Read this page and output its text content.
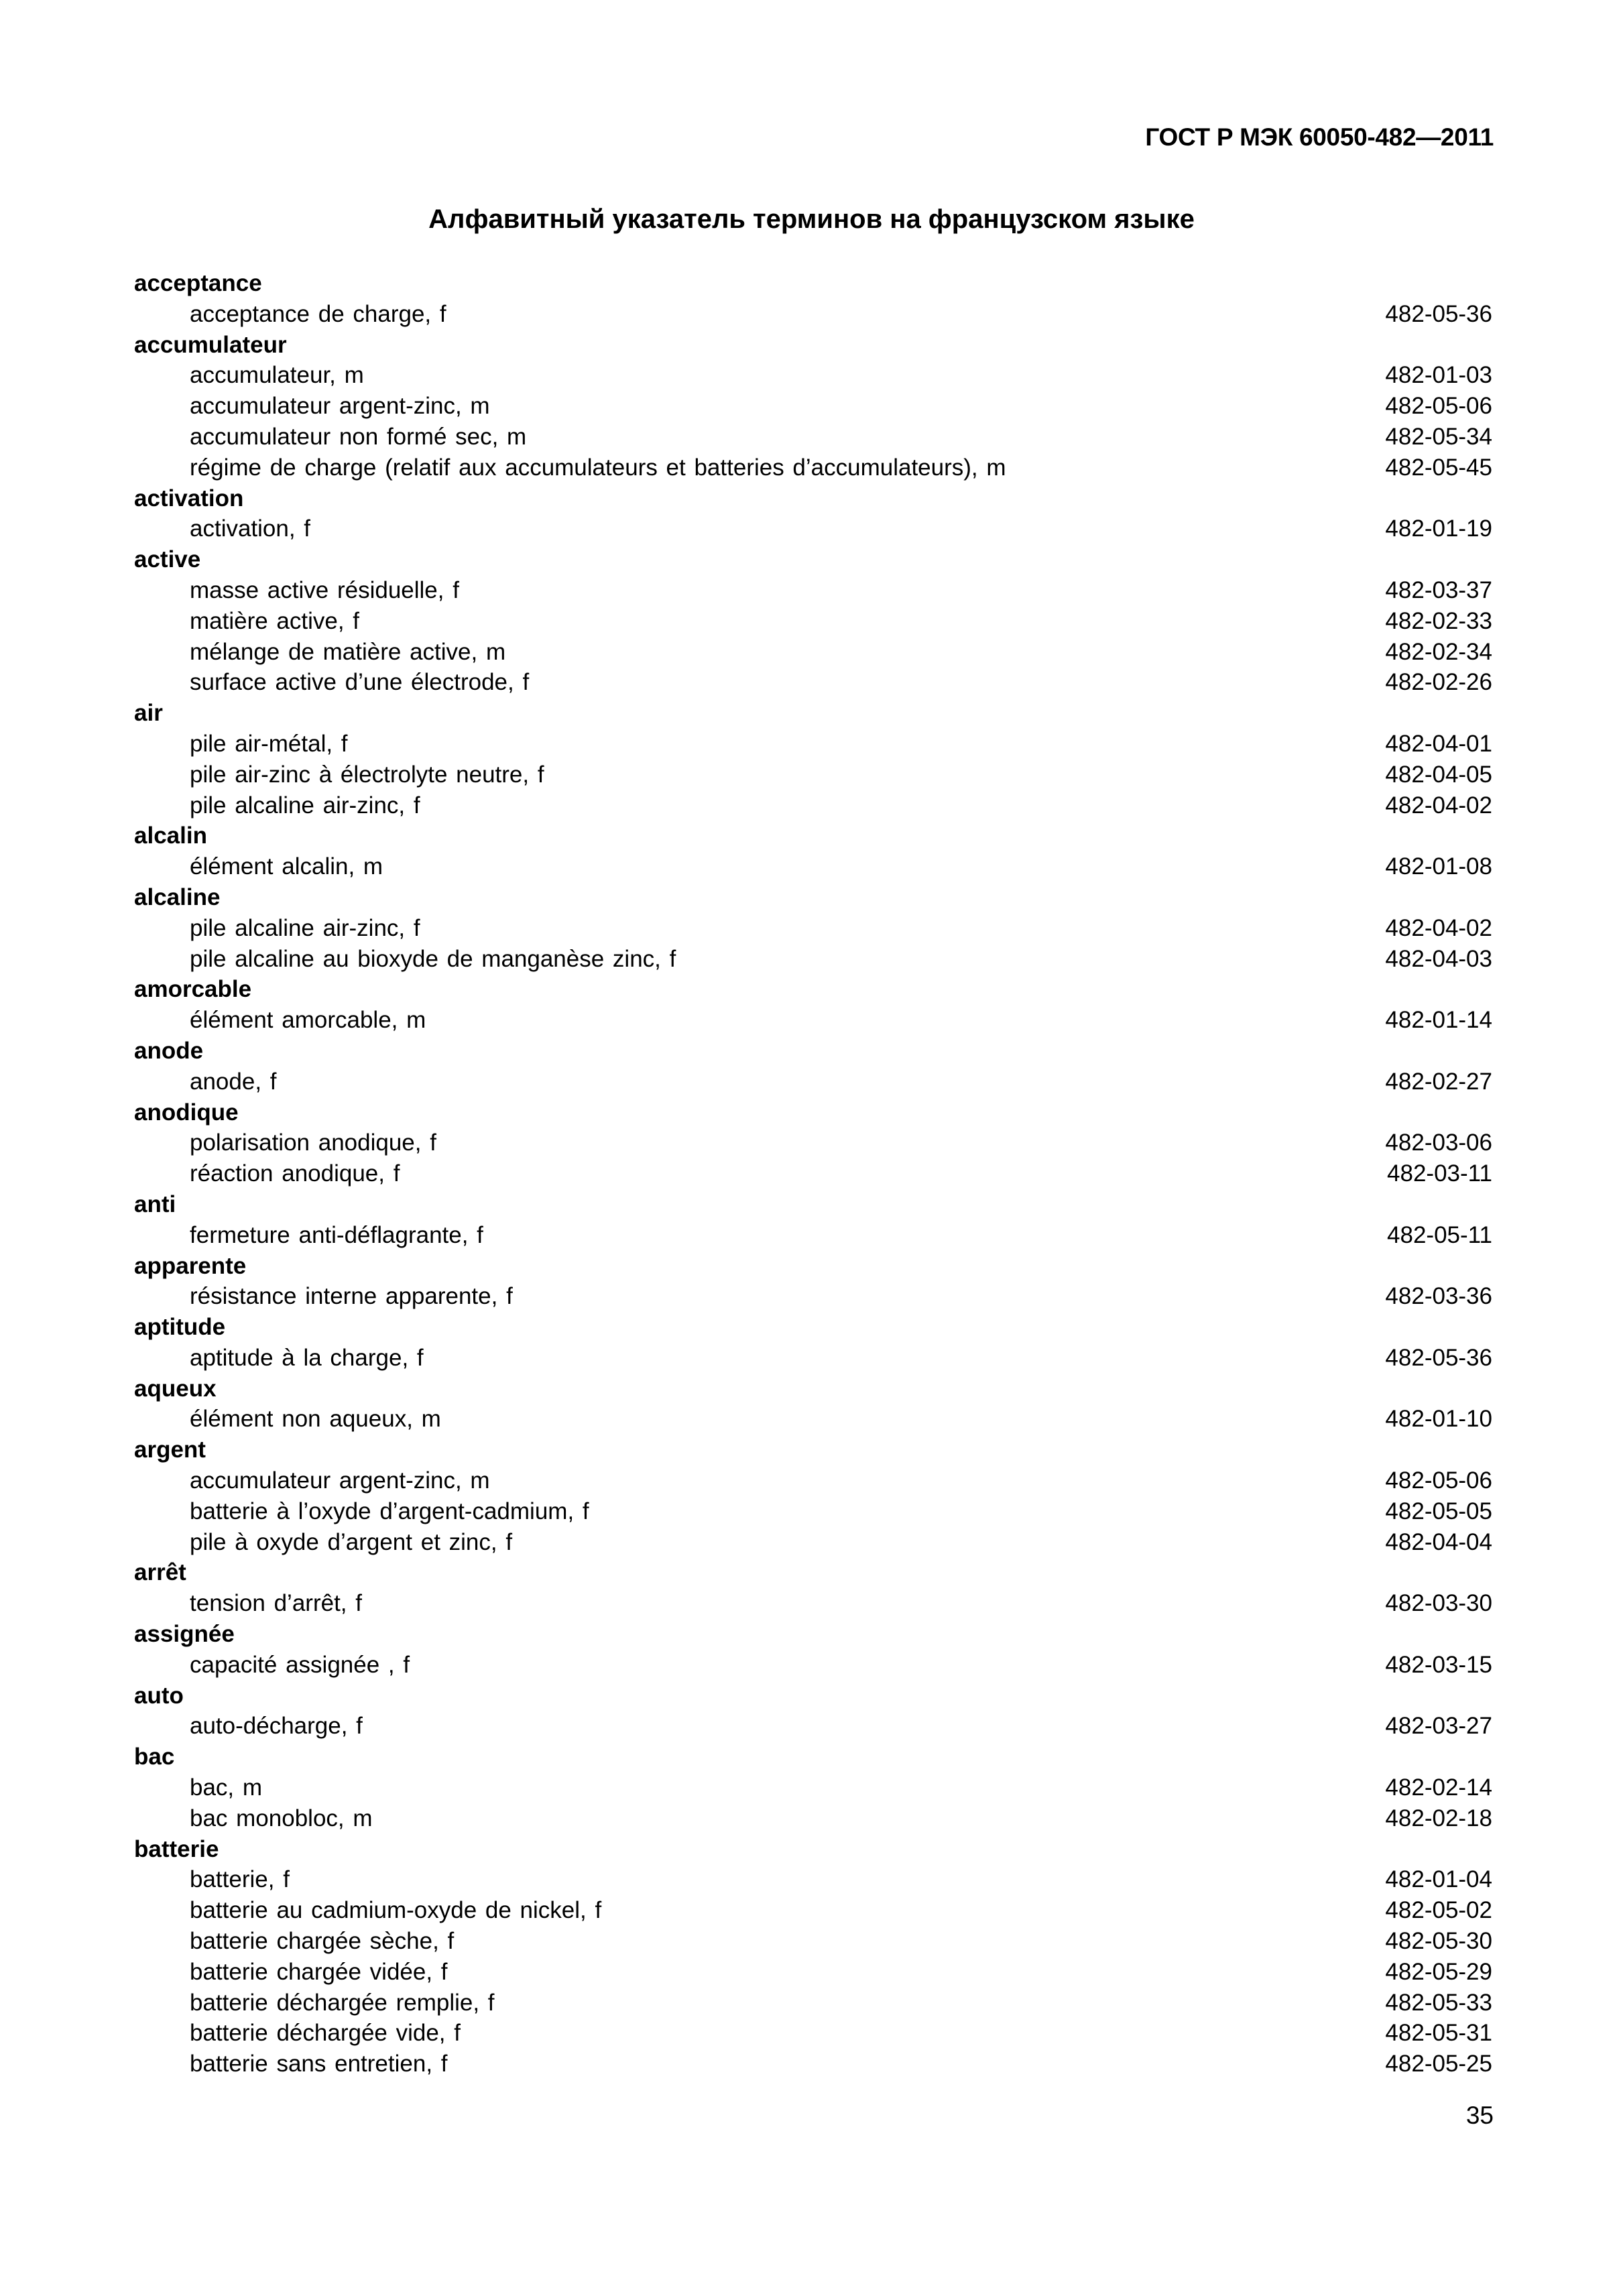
ГОСТ Р МЭК 60050-482—2011
Алфавитный указатель терминов на французском языке
acceptance
acceptance de charge, f	482-05-36
accumulateur
accumulateur, m	482-01-03
accumulateur argent-zinc, m	482-05-06
accumulateur non formé sec, m	482-05-34
régime de charge (relatif aux accumulateurs et batteries d’accumulateurs), m	482-05-45
activation
activation, f	482-01-19
active
masse active résiduelle, f	482-03-37
matière active, f	482-02-33
mélange de matière active, m	482-02-34
surface active d’une électrode, f	482-02-26
air
pile air-métal, f	482-04-01
pile air-zinc à électrolyte neutre, f	482-04-05
pile alcaline air-zinc, f	482-04-02
alcalin
élément alcalin, m	482-01-08
alcaline
pile alcaline air-zinc, f	482-04-02
pile alcaline au bioxyde de manganèse zinc, f	482-04-03
amorcable
élément amorcable, m	482-01-14
anode
anode, f	482-02-27
anodique
polarisation anodique, f	482-03-06
réaction anodique, f	482-03-11
anti
fermeture anti-déflagrante, f	482-05-11
apparente
résistance interne apparente, f	482-03-36
aptitude
aptitude à la charge, f	482-05-36
aqueux
élément non aqueux, m	482-01-10
argent
accumulateur argent-zinc, m	482-05-06
batterie à l’oxyde d’argent-cadmium, f	482-05-05
pile à oxyde d’argent et zinc, f	482-04-04
arrêt
tension d’arrêt, f	482-03-30
assignée
capacité assignée , f	482-03-15
auto
auto-décharge, f	482-03-27
bac
bac, m	482-02-14
bac monobloc, m	482-02-18
batterie
batterie, f	482-01-04
batterie au cadmium-oxyde de nickel, f	482-05-02
batterie chargée sèche, f	482-05-30
batterie chargée vidée, f	482-05-29
batterie déchargée remplie, f	482-05-33
batterie déchargée vide, f	482-05-31
batterie sans entretien, f	482-05-25
35
